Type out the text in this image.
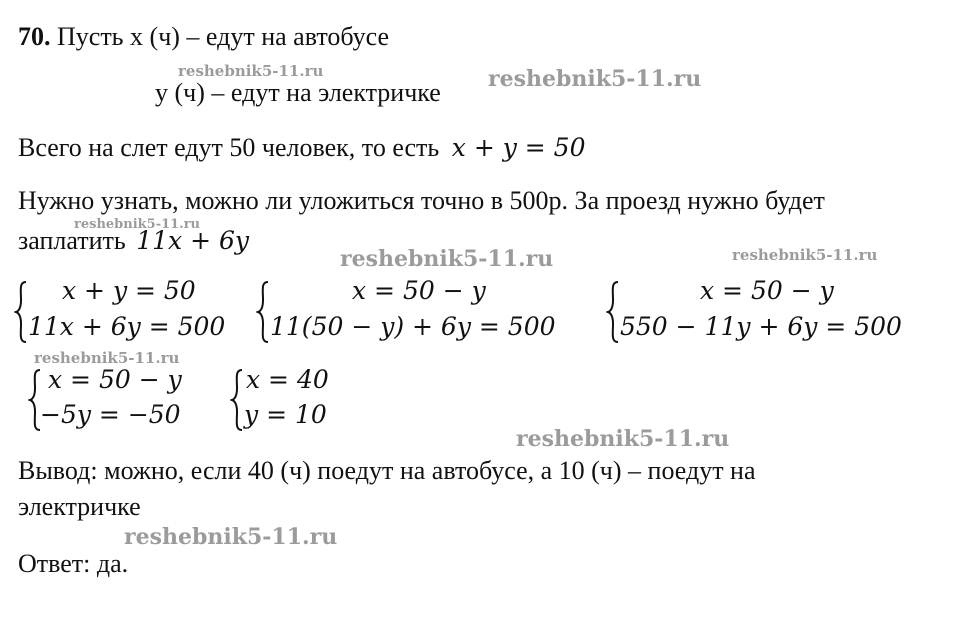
70. Пусть x (ч) – едут на автобусе
y (ч) – едут на электричке
Всего на слет едут 50 человек, то есть x + y = 50
Нужно узнать, можно ли уложиться точно в 500р. За проезд нужно будет
заплатить 11x + 6y
x + y = 50
11x + 6y = 500
x = 50 − y
11(50 − y) + 6y = 500
x = 50 − y
550 − 11y + 6y = 500
x = 50 − y
−5y = −50
x = 40
y = 10
Вывод: можно, если 40 (ч) поедут на автобусе, а 10 (ч) – поедут на
электричке
Ответ: да.
reshebnik5-11.ru	reshebnik5-11.ru
reshebnik5-11.ru
reshebnik5-11.ru	reshebnik5-11.ru
reshebnik5-11.ru
reshebnik5-11.ru
reshebnik5-11.ru
